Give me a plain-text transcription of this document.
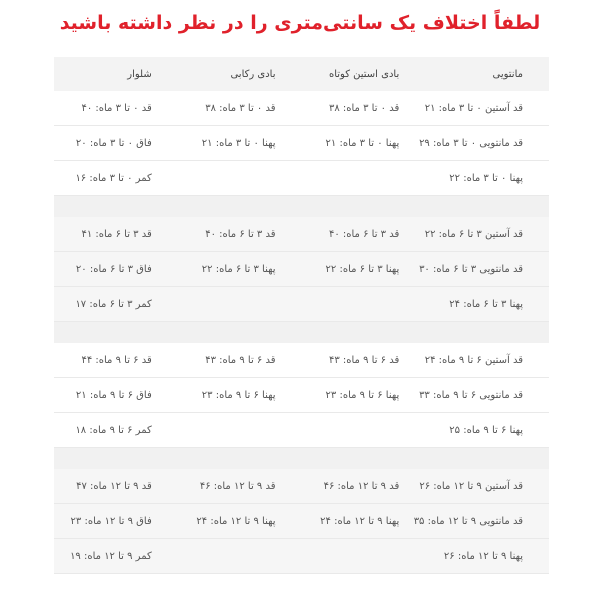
لطفاً اختلاف یک سانتی‌متری را در نظر داشته باشید
مانتویی
بادی استین کوتاه
بادی رکابی
شلوار
قد آستین ۰ تا ۳ ماه: ۲۱
قد ۰ تا ۳ ماه: ۳۸
قد ۰ تا ۳ ماه: ۳۸
قد ۰ تا ۳ ماه: ۴۰
قد مانتویی ۰ تا ۳ ماه: ۲۹
پهنا ۰ تا ۳ ماه: ۲۱
پهنا ۰ تا ۳ ماه: ۲۱
فاق ۰ تا ۳ ماه: ۲۰
پهنا ۰ تا ۳ ماه: ۲۲
کمر ۰ تا ۳ ماه: ۱۶
قد آستین ۳ تا ۶ ماه: ۲۲
قد ۳ تا ۶ ماه: ۴۰
قد ۳ تا ۶ ماه: ۴۰
قد ۳ تا ۶ ماه: ۴۱
قد مانتویی ۳ تا ۶ ماه: ۳۰
پهنا ۳ تا ۶ ماه: ۲۲
پهنا ۳ تا ۶ ماه: ۲۲
فاق ۳ تا ۶ ماه: ۲۰
پهنا ۳ تا ۶ ماه: ۲۴
کمر ۳ تا ۶ ماه: ۱۷
قد آستین ۶ تا ۹ ماه: ۲۴
قد ۶ تا ۹ ماه: ۴۳
قد ۶ تا ۹ ماه: ۴۳
قد ۶ تا ۹ ماه: ۴۴
قد مانتویی ۶ تا ۹ ماه: ۳۳
پهنا ۶ تا ۹ ماه: ۲۳
پهنا ۶ تا ۹ ماه: ۲۳
فاق ۶ تا ۹ ماه: ۲۱
پهنا ۶ تا ۹ ماه: ۲۵
کمر ۶ تا ۹ ماه: ۱۸
قد آستین ۹ تا ۱۲ ماه: ۲۶
قد ۹ تا ۱۲ ماه: ۴۶
قد ۹ تا ۱۲ ماه: ۴۶
قد ۹ تا ۱۲ ماه: ۴۷
قد مانتویی ۹ تا ۱۲ ماه: ۳۵
پهنا ۹ تا ۱۲ ماه: ۲۴
پهنا ۹ تا ۱۲ ماه: ۲۴
فاق ۹ تا ۱۲ ماه: ۲۳
پهنا ۹ تا ۱۲ ماه: ۲۶
کمر ۹ تا ۱۲ ماه: ۱۹
